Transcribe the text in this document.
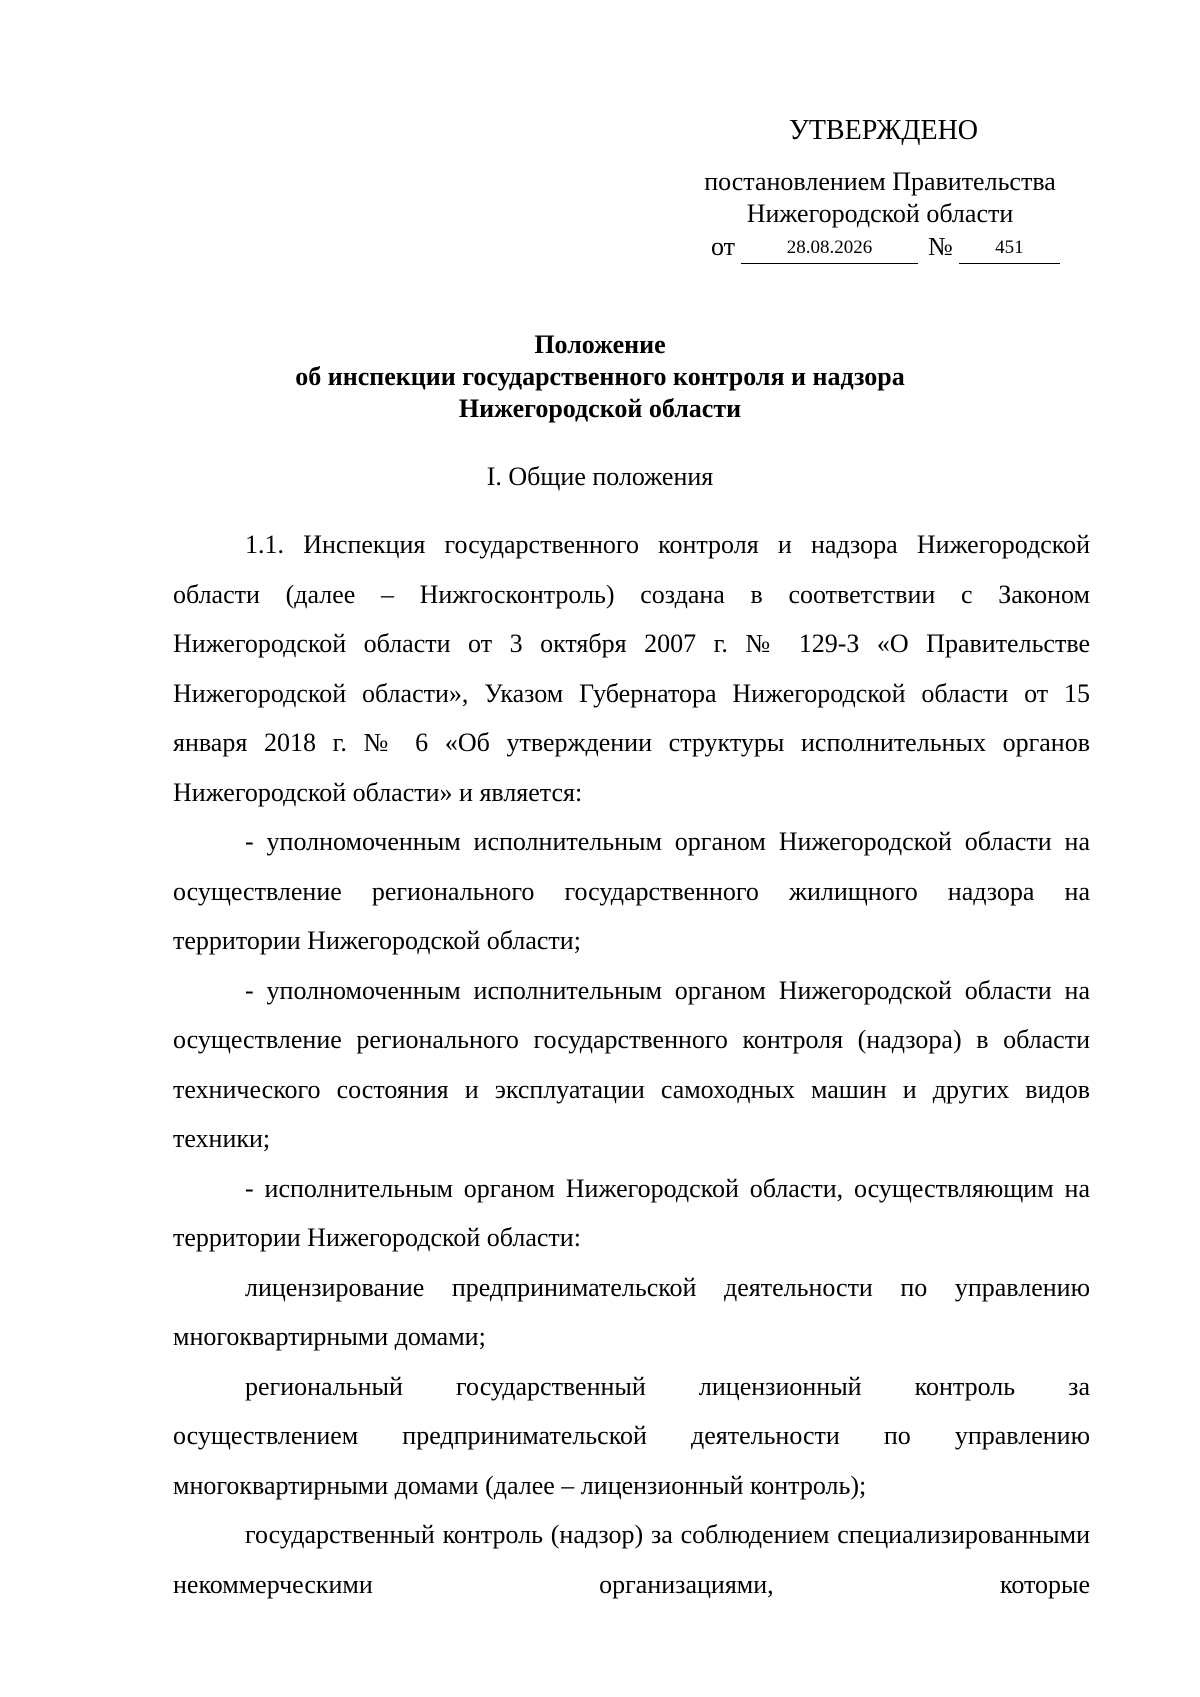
УТВЕРЖДЕНО
постановлением Правительства
Нижегородской области
от	28.08.2026	№	451
Положение
об инспекции государственного контроля и надзора
Нижегородской области
I. Общие положения

1.1. Инспекция государственного контроля и надзора Нижегородской области (далее – Нижгосконтроль) создана в соответствии с Законом Нижегородской области от 3 октября 2007 г. № 129-З «О Правительстве Нижегородской области», Указом Губернатора Нижегородской области от 15 января 2018 г. № 6 «Об утверждении структуры исполнительных органов Нижегородской области» и является:

- уполномоченным исполнительным органом Нижегородской области на осуществление регионального государственного жилищного надзора на территории Нижегородской области;

- уполномоченным исполнительным органом Нижегородской области на осуществление регионального государственного контроля (надзора) в области технического состояния и эксплуатации самоходных машин и других видов техники;

- исполнительным органом Нижегородской области, осуществляющим на территории Нижегородской области:

лицензирование предпринимательской деятельности по управлению многоквартирными домами;

региональный государственный лицензионный контроль за осуществлением предпринимательской деятельности по управлению многоквартирными домами (далее – лицензионный контроль);

государственный контроль (надзор) за соблюдением специализированными некоммерческими организациями, которые
